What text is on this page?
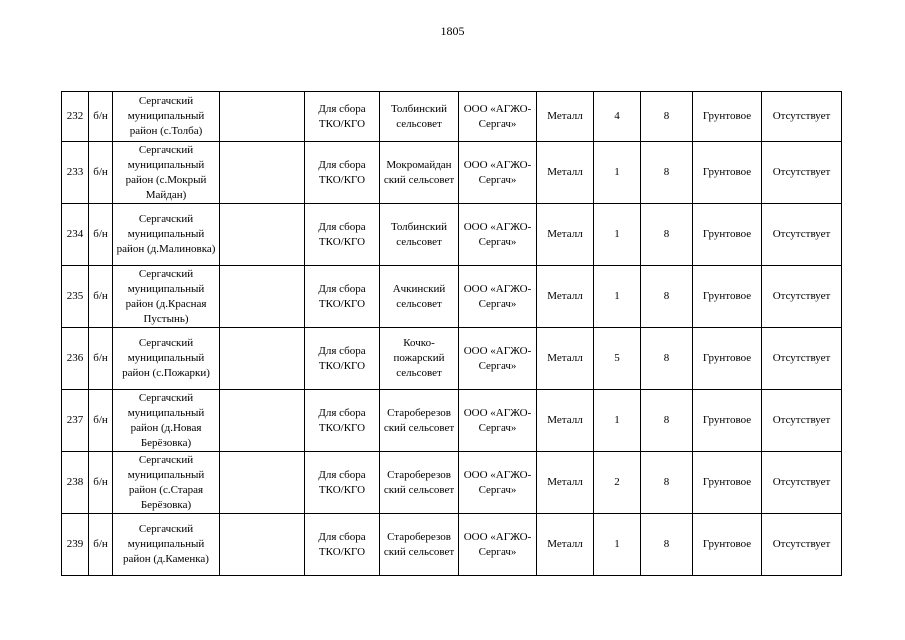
1805
232	б/н	Сергачский муниципальный район (с.Толба)		Для сбора ТКО/КГО	Толбинский сельсовет	ООО «АГЖО-Сергач»	Металл	4	8	Грунтовое	Отсутствует
233	б/н	Сергачский муниципальный район (с.Мокрый Майдан)		Для сбора ТКО/КГО	Мокромайдан ский сельсовет	ООО «АГЖО-Сергач»	Металл	1	8	Грунтовое	Отсутствует
234	б/н	Сергачский муниципальный район (д.Малиновка)		Для сбора ТКО/КГО	Толбинский сельсовет	ООО «АГЖО-Сергач»	Металл	1	8	Грунтовое	Отсутствует
235	б/н	Сергачский муниципальный район (д.Красная Пустынь)		Для сбора ТКО/КГО	Ачкинский сельсовет	ООО «АГЖО-Сергач»	Металл	1	8	Грунтовое	Отсутствует
236	б/н	Сергачский муниципальный район (с.Пожарки)		Для сбора ТКО/КГО	Кочко-пожарский сельсовет	ООО «АГЖО-Сергач»	Металл	5	8	Грунтовое	Отсутствует
237	б/н	Сергачский муниципальный район (д.Новая Берёзовка)		Для сбора ТКО/КГО	Староберезов ский сельсовет	ООО «АГЖО-Сергач»	Металл	1	8	Грунтовое	Отсутствует
238	б/н	Сергачский муниципальный район (с.Старая Берёзовка)		Для сбора ТКО/КГО	Староберезов ский сельсовет	ООО «АГЖО-Сергач»	Металл	2	8	Грунтовое	Отсутствует
239	б/н	Сергачский муниципальный район (д.Каменка)		Для сбора ТКО/КГО	Староберезов ский сельсовет	ООО «АГЖО-Сергач»	Металл	1	8	Грунтовое	Отсутствует
